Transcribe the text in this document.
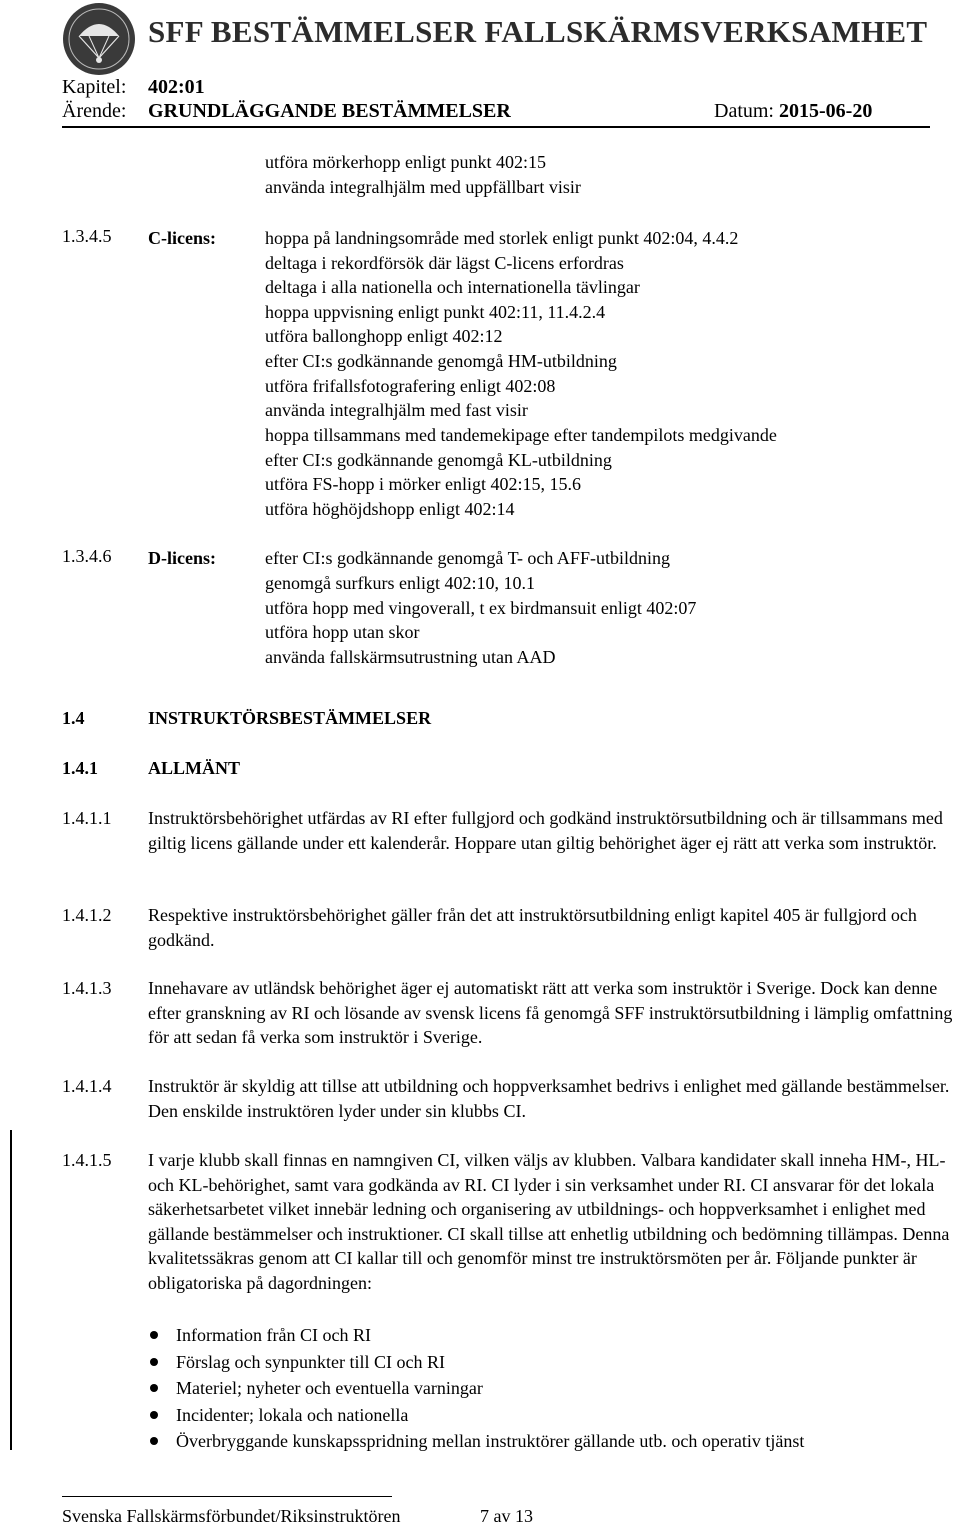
SFF BESTÄMMELSER FALLSKÄRMSVERKSAMHET
Kapitel: 402:01
Ärende: GRUNDLÄGGANDE BESTÄMMELSER	Datum: 2015-06-20
utföra mörkerhopp enligt punkt 402:15
använda integralhjälm med uppfällbart visir
1.3.4.5 C-licens:	hoppa på landningsområde med storlek enligt punkt 402:04, 4.4.2
deltaga i rekordförsök där lägst C-licens erfordras
deltaga i alla nationella och internationella tävlingar
hoppa uppvisning enligt punkt 402:11, 11.4.2.4
utföra ballonghopp enligt 402:12
efter CI:s godkännande genomgå HM-utbildning
utföra frifallsfotografering enligt 402:08
använda integralhjälm med fast visir
hoppa tillsammans med tandemekipage efter tandempilots medgivande
efter CI:s godkännande genomgå KL-utbildning
utföra FS-hopp i mörker enligt 402:15, 15.6
utföra höghöjdshopp enligt 402:14
1.3.4.6 D-licens:	efter CI:s godkännande genomgå T- och AFF-utbildning
genomgå surfkurs enligt 402:10, 10.1
utföra hopp med vingoverall, t ex birdmansuit enligt 402:07
utföra hopp utan skor
använda fallskärmsutrustning utan AAD
1.4	INSTRUKTÖRSBESTÄMMELSER
1.4.1	ALLMÄNT
1.4.1.1 Instruktörsbehörighet utfärdas av RI efter fullgjord och godkänd instruktörsutbildning och är tillsammans med giltig licens gällande under ett kalenderår. Hoppare utan giltig behörighet äger ej rätt att verka som instruktör.
1.4.1.2 Respektive instruktörsbehörighet gäller från det att instruktörsutbildning enligt kapitel 405 är fullgjord och godkänd.
1.4.1.3 Innehavare av utländsk behörighet äger ej automatiskt rätt att verka som instruktör i Sverige. Dock kan denne efter granskning av RI och lösande av svensk licens få genomgå SFF instruktörsutbildning i lämplig omfattning för att sedan få verka som instruktör i Sverige.
1.4.1.4 Instruktör är skyldig att tillse att utbildning och hoppverksamhet bedrivs i enlighet med gällande bestämmelser. Den enskilde instruktören lyder under sin klubbs CI.
1.4.1.5 I varje klubb skall finnas en namngiven CI, vilken väljs av klubben. Valbara kandidater skall inneha HM-, HL- och KL-behörighet, samt vara godkända av RI. CI lyder i sin verksamhet under RI. CI ansvarar för det lokala säkerhetsarbetet vilket innebär ledning och organisering av utbildnings- och hoppverksamhet i enlighet med gällande bestämmelser och instruktioner. CI skall tillse att enhetlig utbildning och bedömning tillämpas. Denna kvalitetssäkras genom att CI kallar till och genomför minst tre instruktörsmöten per år. Följande punkter är obligatoriska på dagordningen:
Information från CI och RI
Förslag och synpunkter till CI och RI
Materiel; nyheter och eventuella varningar
Incidenter; lokala och nationella
Överbryggande kunskapsspridning mellan instruktörer gällande utb. och operativ tjänst
Svenska Fallskärmsförbundet/Riksinstruktören	7 av 13
